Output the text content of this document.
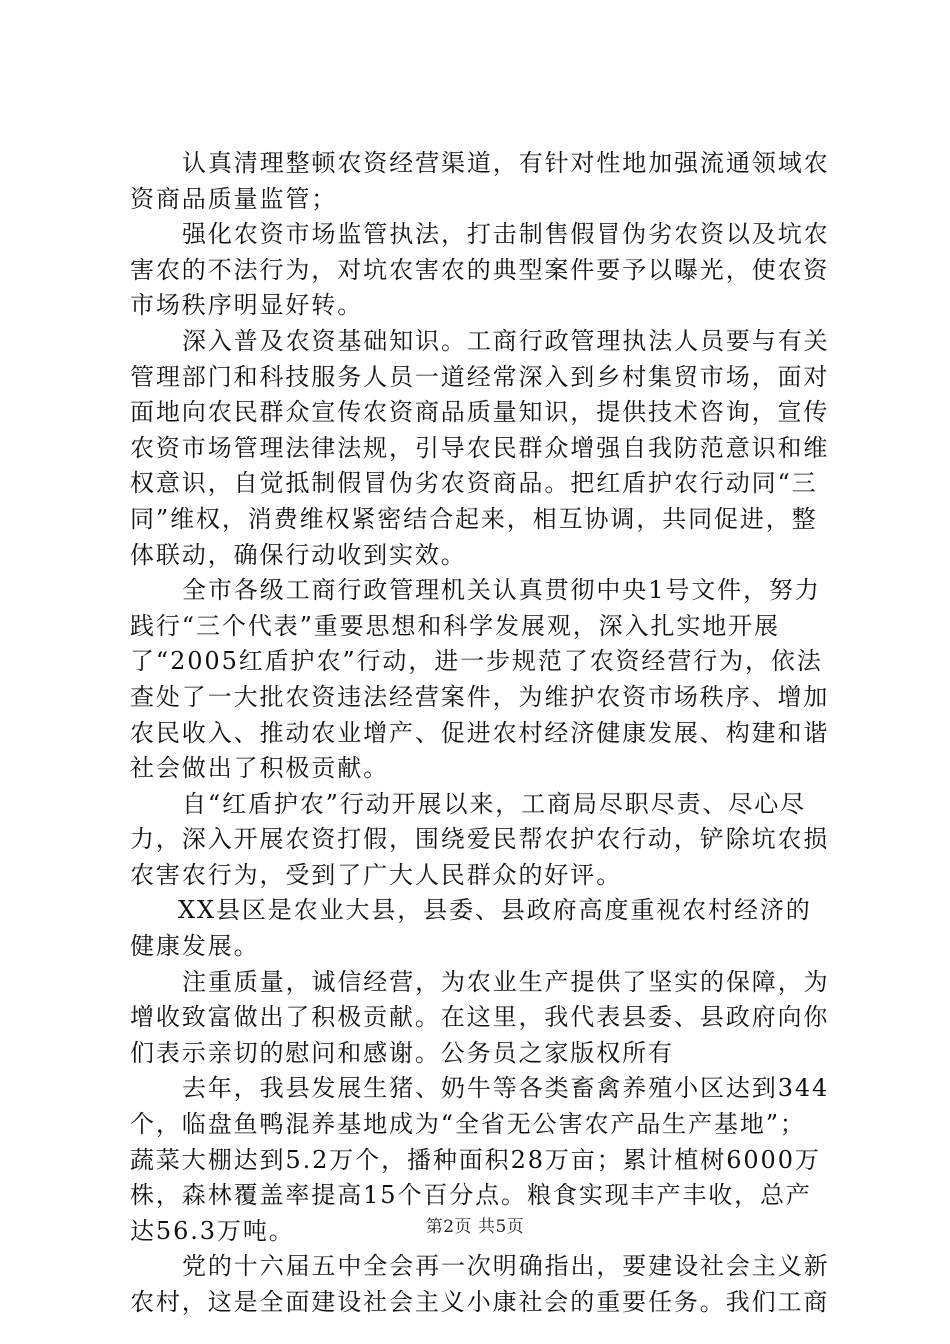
认真清理整顿农资经营渠道，有针对性地加强流通领域农资商品质量监管；

强化农资市场监管执法，打击制售假冒伪劣农资以及坑农害农的不法行为，对坑农害农的典型案件要予以曝光，使农资市场秩序明显好转。

深入普及农资基础知识。工商行政管理执法人员要与有关管理部门和科技服务人员一道经常深入到乡村集贸市场，面对面地向农民群众宣传农资商品质量知识，提供技术咨询，宣传农资市场管理法律法规，引导农民群众增强自我防范意识和维权意识，自觉抵制假冒伪劣农资商品。把红盾护农行动同“三同”维权，消费维权紧密结合起来，相互协调，共同促进，整体联动，确保行动收到实效。

全市各级工商行政管理机关认真贯彻中央1号文件，努力践行“三个代表”重要思想和科学发展观，深入扎实地开展了“2005红盾护农”行动，进一步规范了农资经营行为，依法查处了一大批农资违法经营案件，为维护农资市场秩序、增加农民收入、推动农业增产、促进农村经济健康发展、构建和谐社会做出了积极贡献。

自“红盾护农”行动开展以来，工商局尽职尽责、尽心尽力，深入开展农资打假，围绕爱民帮农护农行动，铲除坑农损农害农行为，受到了广大人民群众的好评。

XX县区是农业大县，县委、县政府高度重视农村经济的健康发展。

注重质量，诚信经营，为农业生产提供了坚实的保障，为增收致富做出了积极贡献。在这里，我代表县委、县政府向你们表示亲切的慰问和感谢。公务员之家版权所有

去年，我县发展生猪、奶牛等各类畜禽养殖小区达到344个，临盘鱼鸭混养基地成为“全省无公害农产品生产基地”；蔬菜大棚达到5.2万个，播种面积28万亩；累计植树6000万株，森林覆盖率提高15个百分点。粮食实现丰产丰收，总产达56.3万吨。

党的十六届五中全会再一次明确指出，要建设社会主义新农村，这是全面建设社会主义小康社会的重要任务。我们工商

第2页 共5页
